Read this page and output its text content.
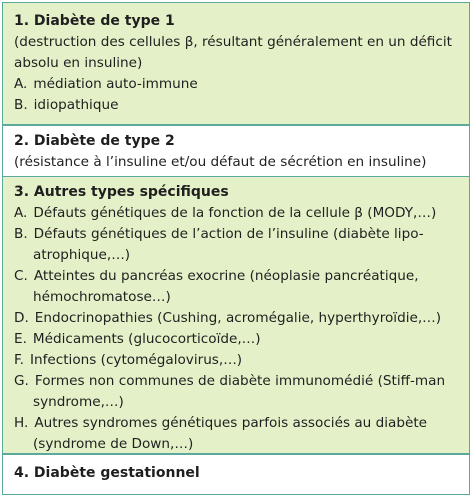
1. Diabète de type 1
(destruction des cellules β, résultant généralement en un déficit
absolu en insuline)
A. médiation auto-immune
B. idiopathique
2. Diabète de type 2
(résistance à l’insuline et/ou défaut de sécrétion en insuline)
3. Autres types spécifiques
A. Défauts génétiques de la fonction de la cellule β (MODY,…)
B. Défauts génétiques de l’action de l’insuline (diabète lipo-
atrophique,…)
C. Atteintes du pancréas exocrine (néoplasie pancréatique,
hémochromatose…)
D. Endocrinopathies (Cushing, acromégalie, hyperthyroïdie,…)
E. Médicaments (glucocorticoïde,…)
F. Infections (cytomégalovirus,…)
G. Formes non communes de diabète immunomédié (Stiff-man
syndrome,…)
H. Autres syndromes génétiques parfois associés au diabète
(syndrome de Down,…)
4. Diabète gestationnel
